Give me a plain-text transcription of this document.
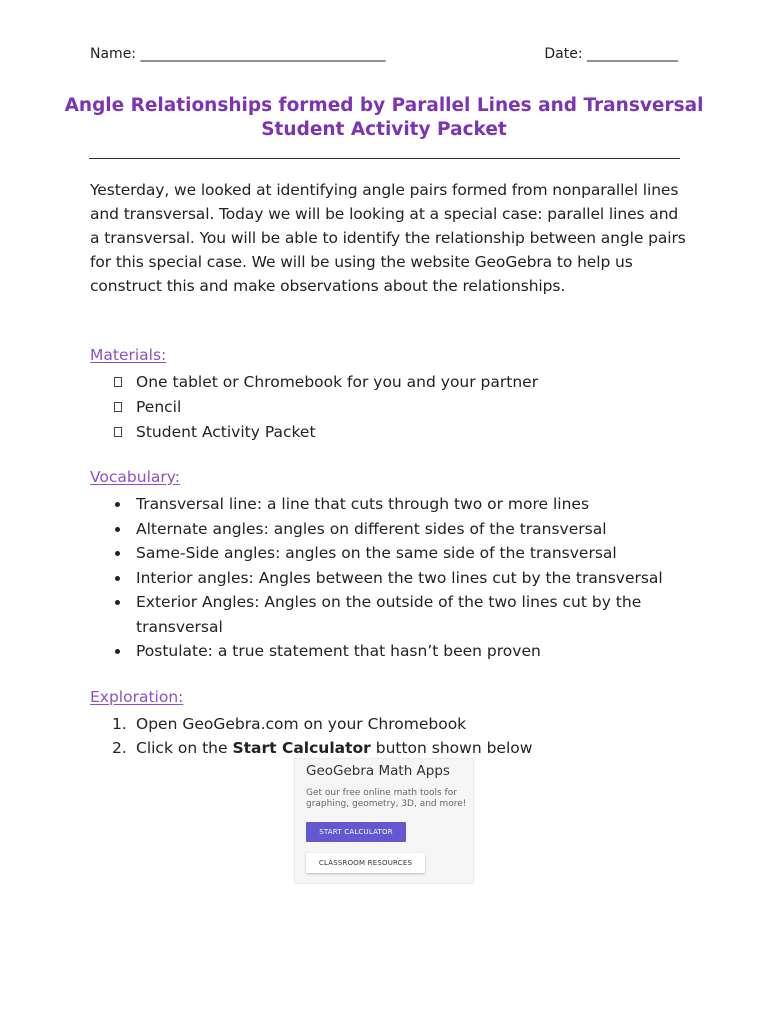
Name: ___________________________________	Date: _____________
Angle Relationships formed by Parallel Lines and Transversal
Student Activity Packet
Yesterday, we looked at identifying angle pairs formed from nonparallel lines and transversal. Today we will be looking at a special case: parallel lines and a transversal. You will be able to identify the relationship between angle pairs for this special case. We will be using the website GeoGebra to help us construct this and make observations about the relationships.
Materials:
One tablet or Chromebook for you and your partner
Pencil
Student Activity Packet
Vocabulary:
Transversal line: a line that cuts through two or more lines
Alternate angles: angles on different sides of the transversal
Same-Side angles: angles on the same side of the transversal
Interior angles: Angles between the two lines cut by the transversal
Exterior Angles: Angles on the outside of the two lines cut by the transversal
Postulate: a true statement that hasn’t been proven
Exploration:
1. Open GeoGebra.com on your Chromebook
2. Click on the Start Calculator button shown below
GeoGebra Math Apps
Get our free online math tools for graphing, geometry, 3D, and more!
START CALCULATOR
CLASSROOM RESOURCES
